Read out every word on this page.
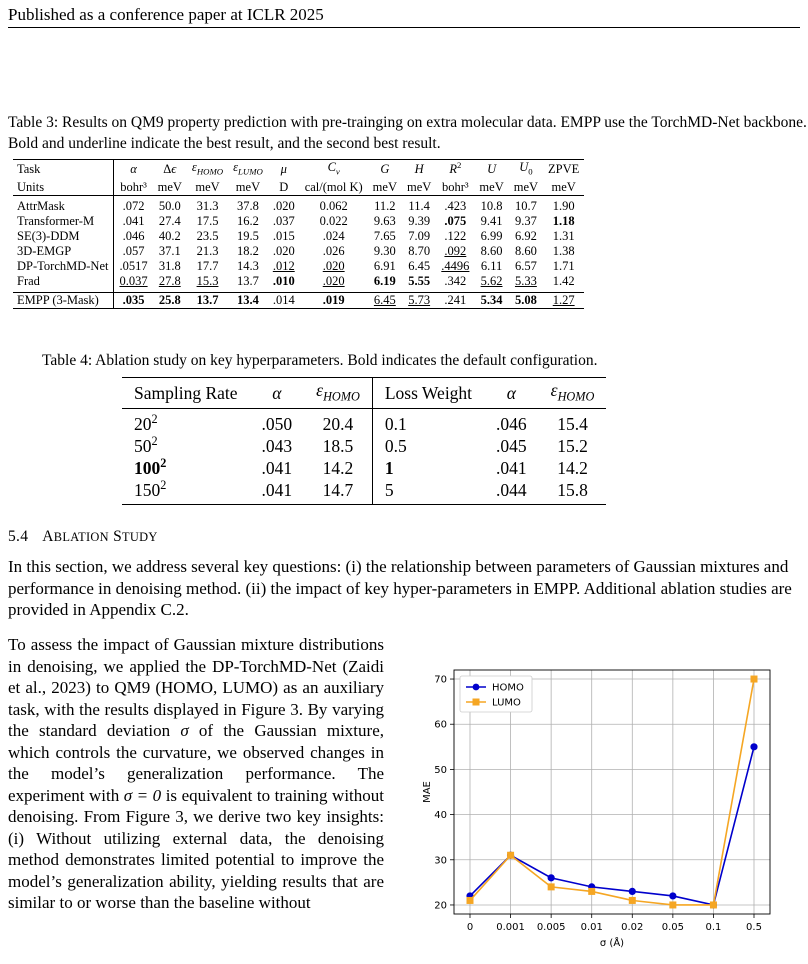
Published as a conference paper at ICLR 2025
Table 3: Results on QM9 property prediction with pre-trainging on extra molecular data. EMPP use the TorchMD-Net backbone. Bold and underline indicate the best result, and the second best result.
Task	α	Δϵ	$\varepsilon_{HOMO}$	$\varepsilon_{LUMO}$	μ	$C_v$	G	H	$R^2$	U	$U_0$	ZPVE
Units	bohr³	meV	meV	meV	D	cal/(mol K)	meV	meV	bohr³	meV	meV	meV
AttrMask	.072	50.0	31.3	37.8	.020	0.062	11.2	11.4	.423	10.8	10.7	1.90
Transformer-M	.041	27.4	17.5	16.2	.037	0.022	9.63	9.39	.075	9.41	9.37	1.18
SE(3)-DDM	.046	40.2	23.5	19.5	.015	.024	7.65	7.09	.122	6.99	6.92	1.31
3D-EMGP	.057	37.1	21.3	18.2	.020	.026	9.30	8.70	.092	8.60	8.60	1.38
DP-TorchMD-Net	.0517	31.8	17.7	14.3	.012	.020	6.91	6.45	.4496	6.11	6.57	1.71
Frad	0.037	27.8	15.3	13.7	.010	.020	6.19	5.55	.342	5.62	5.33	1.42
EMPP (3-Mask)	.035	25.8	13.7	13.4	.014	.019	6.45	5.73	.241	5.34	5.08	1.27
Table 4: Ablation study on key hyperparameters. Bold indicates the default configuration.
Sampling Rate	α	$\varepsilon_{HOMO}$	Loss Weight	α	$\varepsilon_{HOMO}$
$20^2$	.050	20.4	0.1	.046	15.4
$50^2$	.043	18.5	0.5	.045	15.2
$100^2$	.041	14.2	1	.041	14.2
$150^2$	.041	14.7	5	.044	15.8
5.4 ABLATION STUDY
In this section, we address several key questions: (i) the relationship between parameters of Gaussian mixtures and performance in denoising method. (ii) the impact of key hyper-parameters in EMPP. Additional ablation studies are provided in Appendix C.2.
To assess the impact of Gaussian mixture distributions in denoising, we applied the DP-TorchMD-Net (Zaidi et al., 2023) to QM9 (HOMO, LUMO) as an auxiliary task, with the results displayed in Figure 3. By varying the standard deviation σ of the Gaussian mixture, which controls the curvature, we observed changes in the model’s generalization performance. The experiment with σ = 0 is equivalent to training without denoising. From Figure 3, we derive two key insights: (i) Without utilizing external data, the denoising method demonstrates limited potential to improve the model’s generalization ability, yielding results that are similar to or worse than the baseline without	20
30
40
50
60
70
0 0.001 0.005 0.01 0.02 0.05 0.1 0.5
σ (Å)
MAE
HOMO
LUMO
